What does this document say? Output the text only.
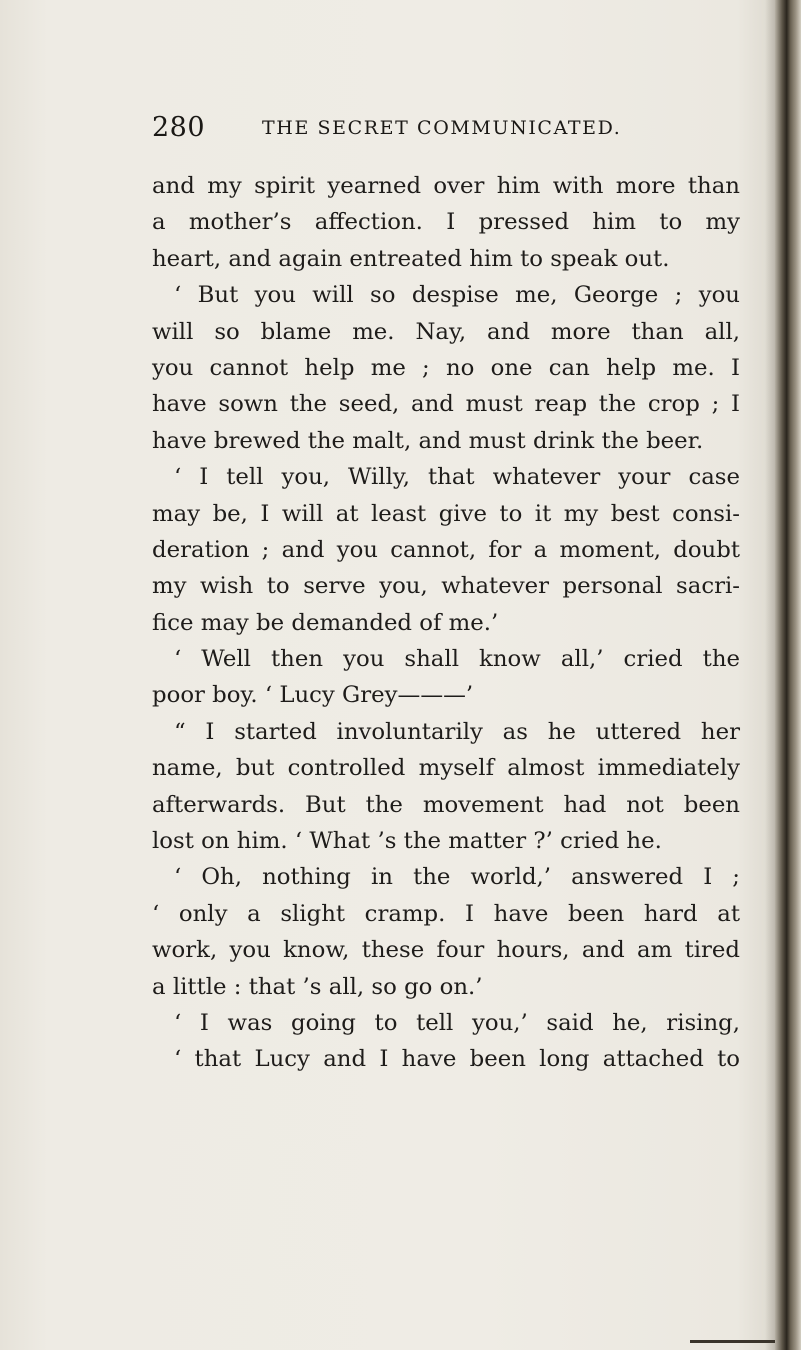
280	THE SECRET COMMUNICATED.
and my spirit yearned over him with more than
a mother’s affection. I pressed him to my
heart, and again entreated him to speak out.
‘ But you will so despise me, George ; you
will so blame me. Nay, and more than all,
you cannot help me ; no one can help me. I
have sown the seed, and must reap the crop ; I
have brewed the malt, and must drink the beer.
‘ I tell you, Willy, that whatever your case
may be, I will at least give to it my best consi-
deration ; and you cannot, for a moment, doubt
my wish to serve you, whatever personal sacri-
fice may be demanded of me.’
‘ Well then you shall know all,’ cried the
poor boy. ‘ Lucy Grey———’
“ I started involuntarily as he uttered her
name, but controlled myself almost immediately
afterwards. But the movement had not been
lost on him. ‘ What ’s the matter ?’ cried he.
‘ Oh, nothing in the world,’ answered I ;
‘ only a slight cramp. I have been hard at
work, you know, these four hours, and am tired
a little : that ’s all, so go on.’
‘ I was going to tell you,’ said he, rising,
‘ that Lucy and I have been long attached to
